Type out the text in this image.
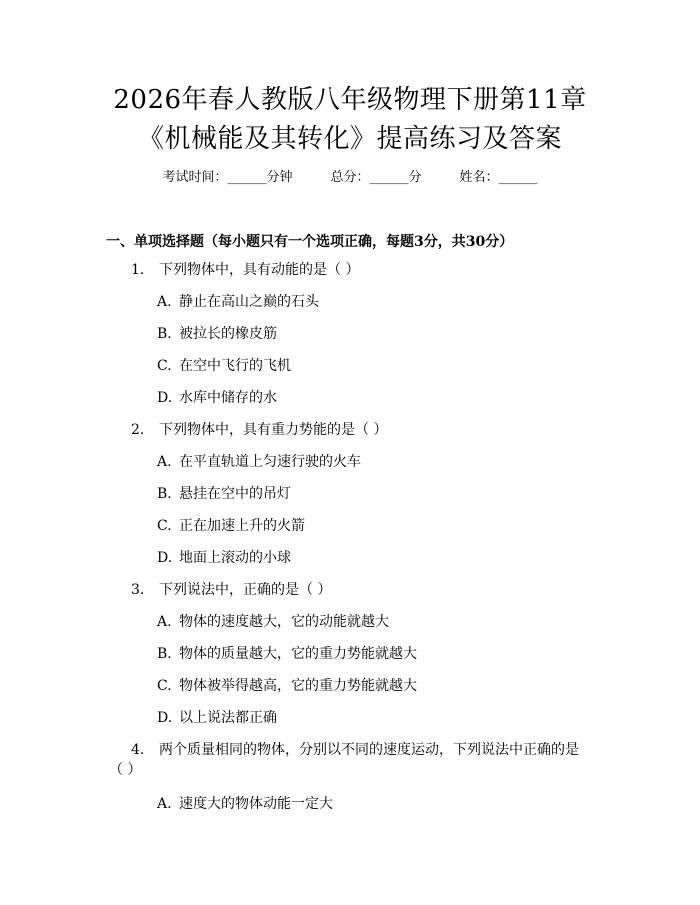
2026年春人教版八年级物理下册第11章
《机械能及其转化》提高练习及答案
考试时间：______分钟	总分：______分	姓名：______
一、单项选择题（每小题只有一个选项正确，每题3分，共30分）
1. 下列物体中，具有动能的是（ ）
A. 静止在高山之巅的石头
B. 被拉长的橡皮筋
C. 在空中飞行的飞机
D. 水库中储存的水
2. 下列物体中，具有重力势能的是（ ）
A. 在平直轨道上匀速行驶的火车
B. 悬挂在空中的吊灯
C. 正在加速上升的火箭
D. 地面上滚动的小球
3. 下列说法中，正确的是（ ）
A. 物体的速度越大，它的动能就越大
B. 物体的质量越大，它的重力势能就越大
C. 物体被举得越高，它的重力势能就越大
D. 以上说法都正确
4. 两个质量相同的物体，分别以不同的速度运动，下列说法中正确的是
（ ）
A. 速度大的物体动能一定大
